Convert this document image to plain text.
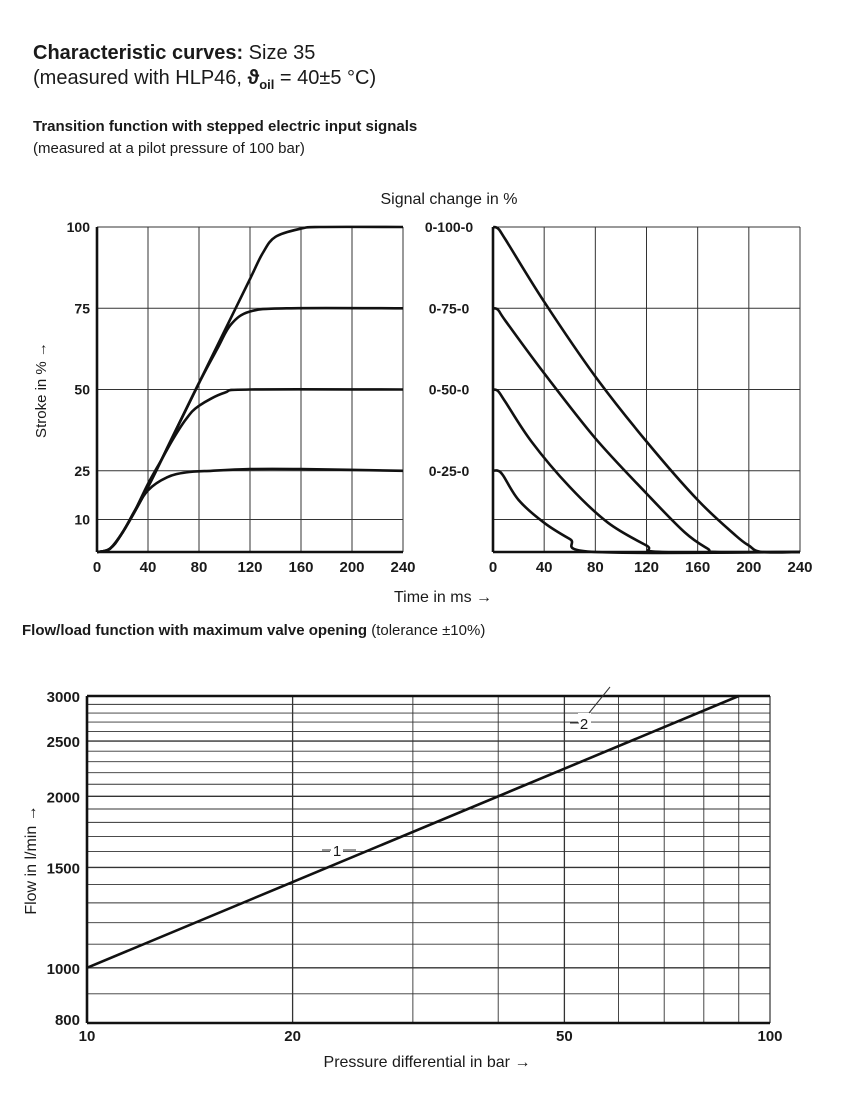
Characteristic curves: Size 35
(measured with HLP46, $ϑ_{oil} = 40\pm 5$ °C)
Transition function with stepped electric input signals
(measured at a pilot pressure of 100 bar)
Flow/load function with maximum valve opening (tolerance ±10%)
10
25
50
75
100
0	40 80 120 160 200 240
Stroke in % →
0-25-0
0-50-0
0-75-0
0-100-0
0	40 80 120 160 200 240
Signal change in %
Time in ms →
1
2
800
1000
1500
2000
2500
3000
10	20	50	100
Pressure differential in bar →
Flow in l/min →
